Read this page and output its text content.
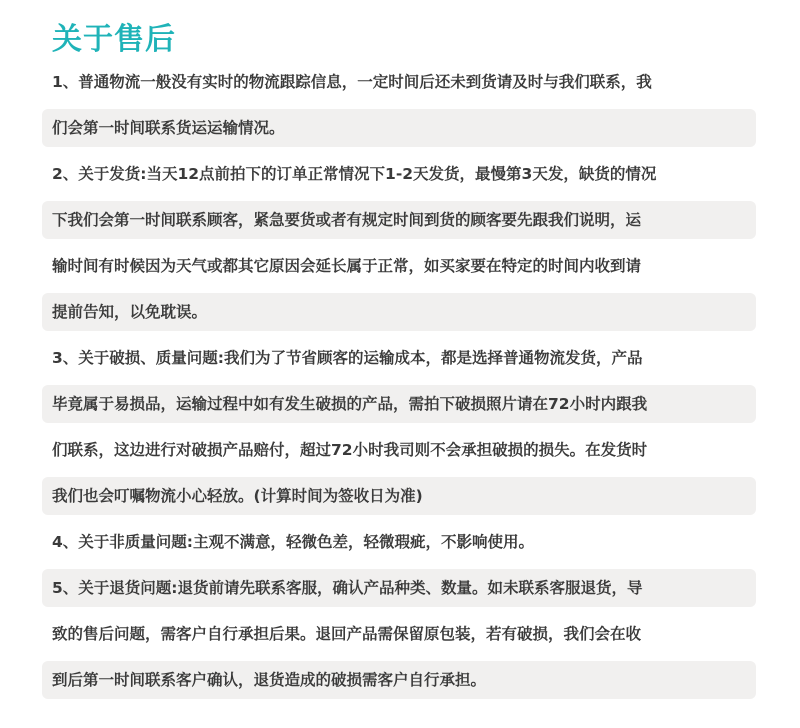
关于售后
1、普通物流一般没有实时的物流跟踪信息，一定时间后还未到货请及时与我们联系，我
们会第一时间联系货运运输情况。
2、关于发货:当天12点前拍下的订单正常情况下1-2天发货，最慢第3天发，缺货的情况
下我们会第一时间联系顾客，紧急要货或者有规定时间到货的顾客要先跟我们说明，运
输时间有时候因为天气或都其它原因会延长属于正常，如买家要在特定的时间内收到请
提前告知，以免耽误。
3、关于破损、质量问题:我们为了节省顾客的运输成本，都是选择普通物流发货，产品
毕竟属于易损品，运输过程中如有发生破损的产品，需拍下破损照片请在72小时内跟我
们联系，这边进行对破损产品赔付，超过72小时我司则不会承担破损的损失。在发货时
我们也会叮嘱物流小心轻放。(计算时间为签收日为准)
4、关于非质量问题:主观不满意，轻微色差，轻微瑕疵，不影响使用。
5、关于退货问题:退货前请先联系客服，确认产品种类、数量。如未联系客服退货，导
致的售后问题，需客户自行承担后果。退回产品需保留原包装，若有破损，我们会在收
到后第一时间联系客户确认，退货造成的破损需客户自行承担。
